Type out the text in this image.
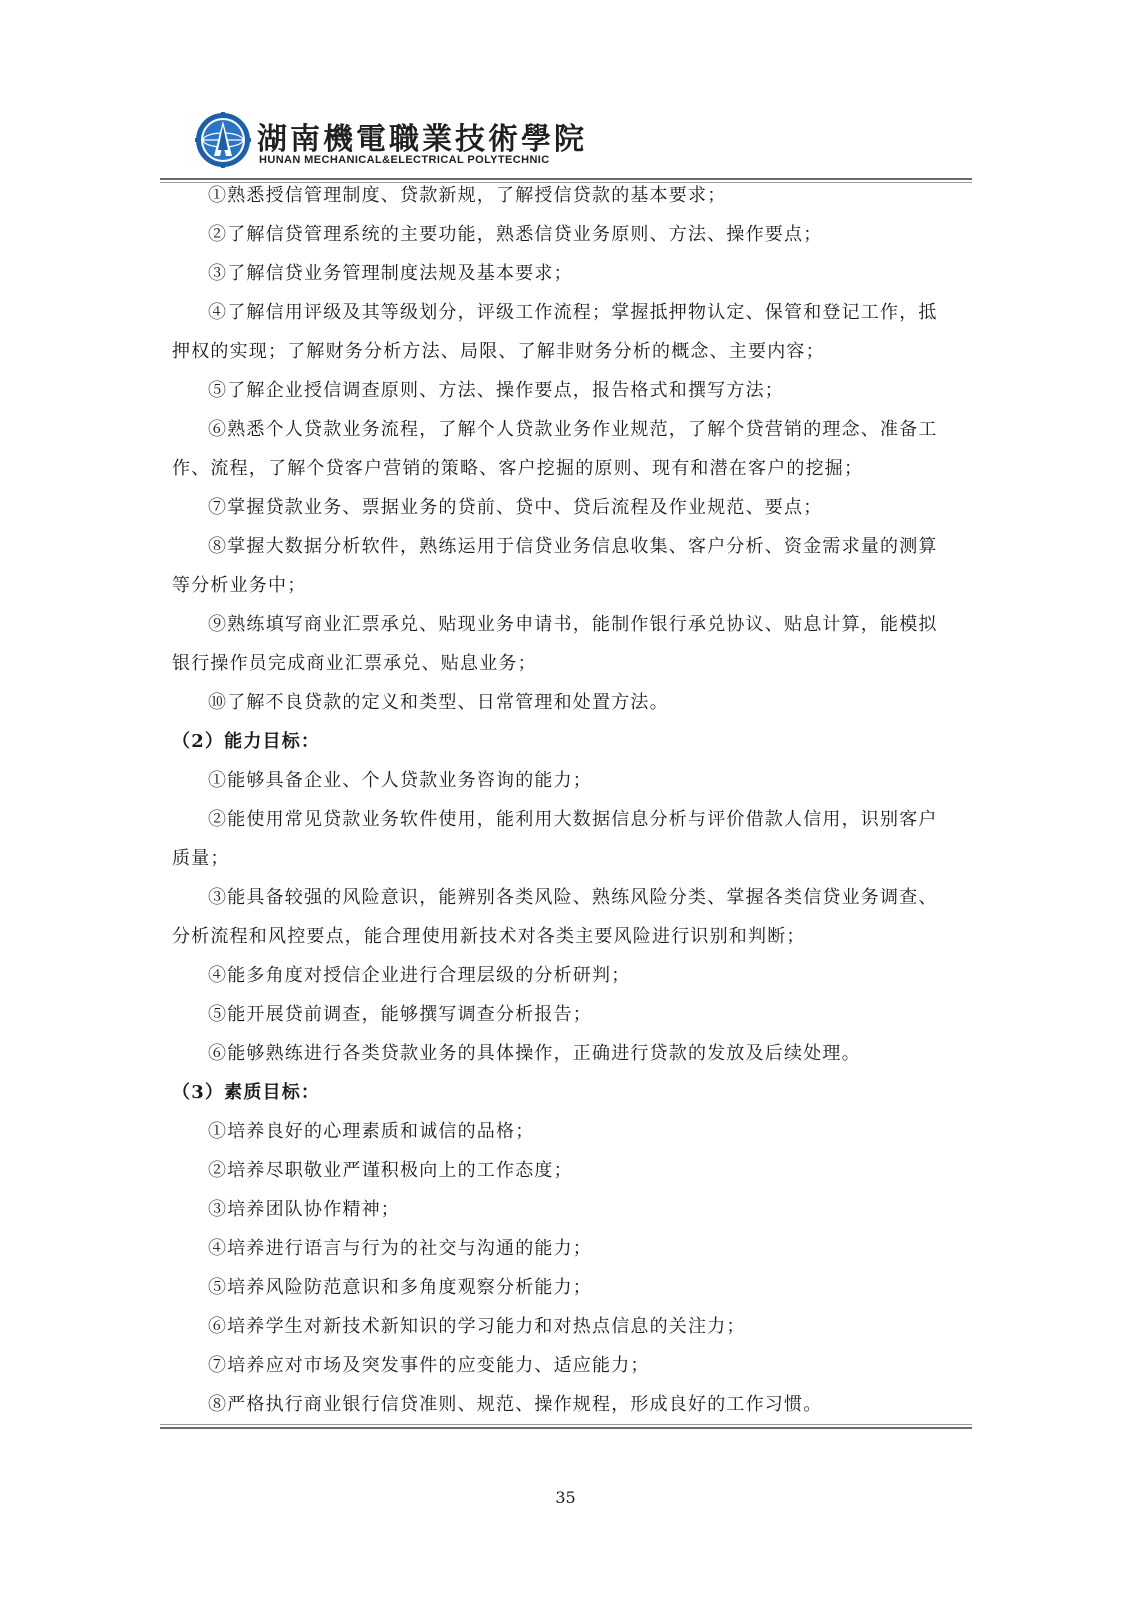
湖南機電職業技術學院
HUNAN MECHANICAL&ELECTRICAL POLYTECHNIC

①熟悉授信管理制度、贷款新规，了解授信贷款的基本要求；

②了解信贷管理系统的主要功能，熟悉信贷业务原则、方法、操作要点；

③了解信贷业务管理制度法规及基本要求；

④了解信用评级及其等级划分，评级工作流程；掌握抵押物认定、保管和登记工作，抵

押权的实现；了解财务分析方法、局限、了解非财务分析的概念、主要内容；

⑤了解企业授信调查原则、方法、操作要点，报告格式和撰写方法；

⑥熟悉个人贷款业务流程，了解个人贷款业务作业规范，了解个贷营销的理念、准备工

作、流程，了解个贷客户营销的策略、客户挖掘的原则、现有和潜在客户的挖掘；

⑦掌握贷款业务、票据业务的贷前、贷中、贷后流程及作业规范、要点；

⑧掌握大数据分析软件，熟练运用于信贷业务信息收集、客户分析、资金需求量的测算

等分析业务中；

⑨熟练填写商业汇票承兑、贴现业务申请书，能制作银行承兑协议、贴息计算，能模拟

银行操作员完成商业汇票承兑、贴息业务；

⑩了解不良贷款的定义和类型、日常管理和处置方法。

（2）能力目标：

①能够具备企业、个人贷款业务咨询的能力；

②能使用常见贷款业务软件使用，能利用大数据信息分析与评价借款人信用，识别客户

质量；

③能具备较强的风险意识，能辨别各类风险、熟练风险分类、掌握各类信贷业务调查、

分析流程和风控要点，能合理使用新技术对各类主要风险进行识别和判断；

④能多角度对授信企业进行合理层级的分析研判；

⑤能开展贷前调查，能够撰写调查分析报告；

⑥能够熟练进行各类贷款业务的具体操作，正确进行贷款的发放及后续处理。

（3）素质目标：

①培养良好的心理素质和诚信的品格；

②培养尽职敬业严谨积极向上的工作态度；

③培养团队协作精神；

④培养进行语言与行为的社交与沟通的能力；

⑤培养风险防范意识和多角度观察分析能力；

⑥培养学生对新技术新知识的学习能力和对热点信息的关注力；

⑦培养应对市场及突发事件的应变能力、适应能力；

⑧严格执行商业银行信贷准则、规范、操作规程，形成良好的工作习惯。

35
